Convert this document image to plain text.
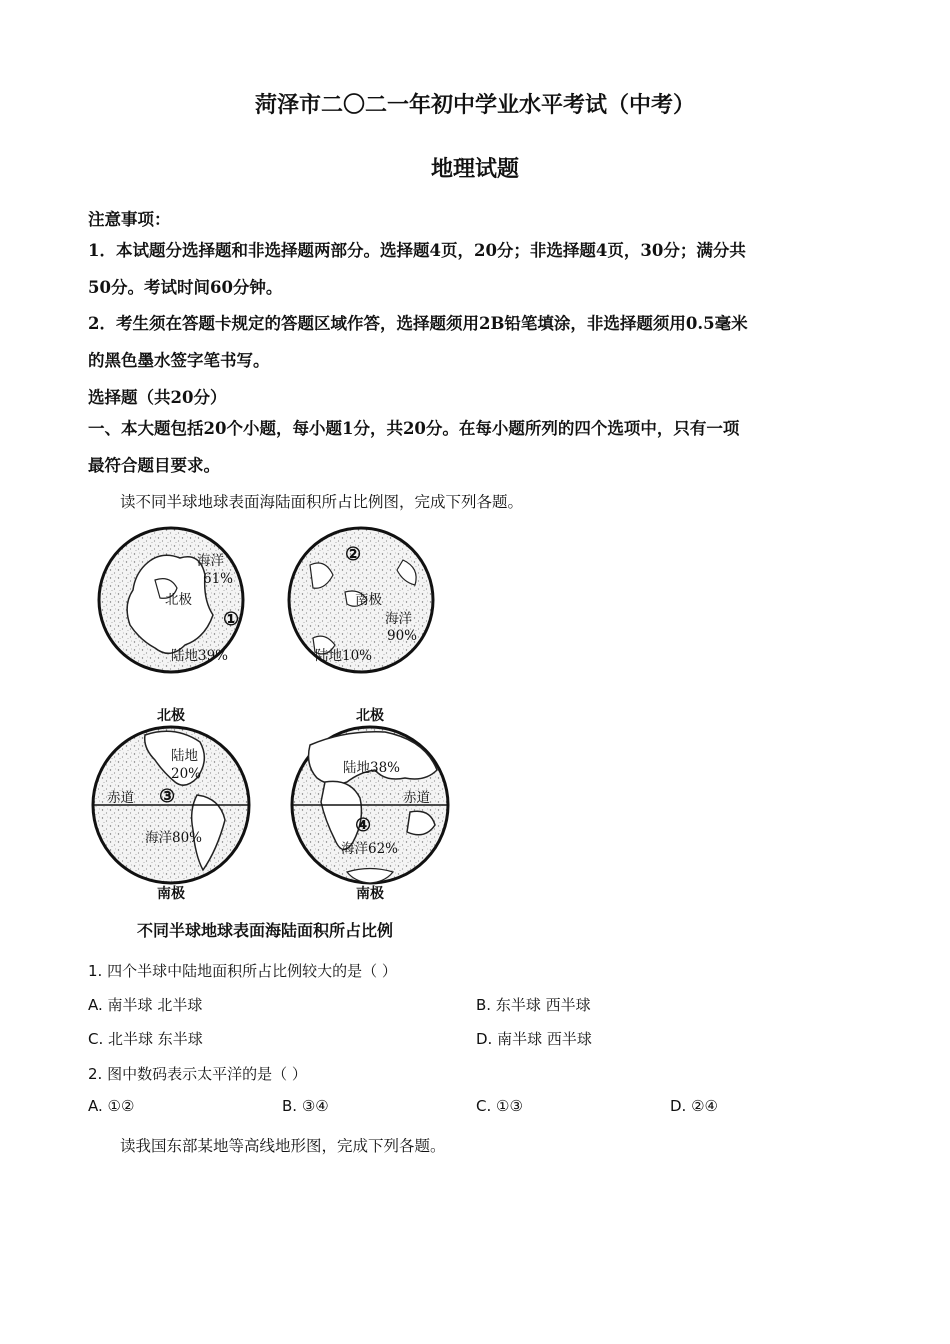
菏泽市二〇二一年初中学业水平考试（中考）
地理试题
注意事项：
1．本试题分选择题和非选择题两部分。选择题4页，20分；非选择题4页，30分；满分共
50分。考试时间60分钟。
2．考生须在答题卡规定的答题区域作答，选择题须用2B铅笔填涂，非选择题须用0.5毫米
的黑色墨水签字笔书写。
选择题（共20分）
一、本大题包括20个小题，每小题1分，共20分。在每小题所列的四个选项中，只有一项
最符合题目要求。
读不同半球地球表面海陆面积所占比例图，完成下列各题。
海洋
61%
北极
①
陆地39%
②
南极
海洋
90%
陆地10%
北极
陆地
20%
赤道 ③
海洋80%
南极
北极
陆地38%
赤道
④
海洋62%
南极
不同半球地球表面海陆面积所占比例
1. 四个半球中陆地面积所占比例较大的是（ ）
A. 南半球 北半球	B. 东半球 西半球
C. 北半球 东半球	D. 南半球 西半球
2. 图中数码表示太平洋的是（ ）
A. ①②	B. ③④	C. ①③	D. ②④
读我国东部某地等高线地形图，完成下列各题。
